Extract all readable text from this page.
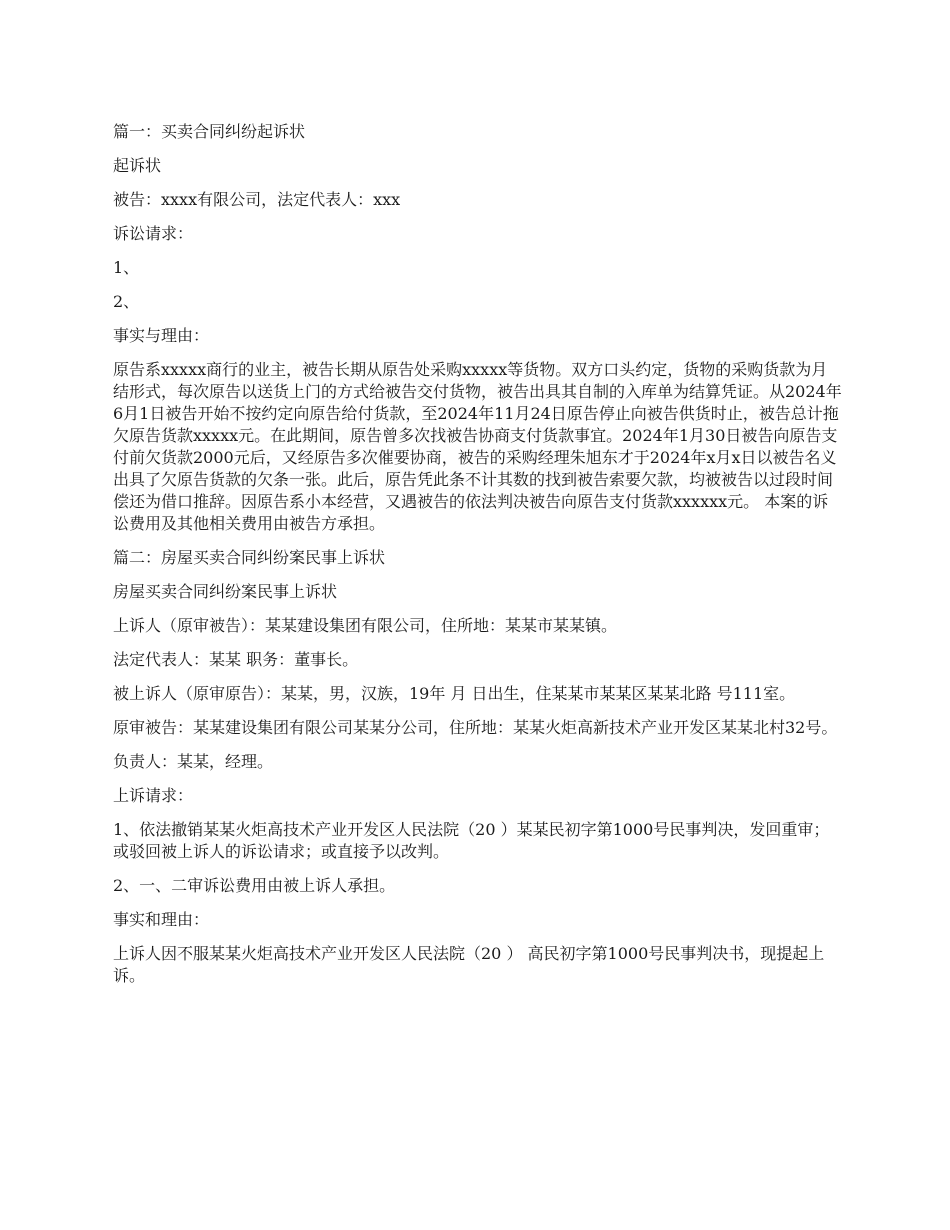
篇一：买卖合同纠纷起诉状

起诉状

被告：xxxx有限公司，法定代表人：xxx

诉讼请求：

1、

2、

事实与理由：

原告系xxxxx商行的业主，被告长期从原告处采购xxxxx等货物。双方口头约定，货物的采购货款为月结形式，每次原告以送货上门的方式给被告交付货物，被告出具其自制的入库单为结算凭证。从2024年6月1日被告开始不按约定向原告给付货款，至2024年11月24日原告停止向被告供货时止，被告总计拖欠原告货款xxxxx元。在此期间，原告曾多次找被告协商支付货款事宜。2024年1月30日被告向原告支付前欠货款2000元后，又经原告多次催要协商，被告的采购经理朱旭东才于2024年x月x日以被告名义出具了欠原告货款的欠条一张。此后，原告凭此条不计其数的找到被告索要欠款，均被被告以过段时间偿还为借口推辞。因原告系小本经营，又遇被告的依法判决被告向原告支付货款xxxxxx元。 本案的诉讼费用及其他相关费用由被告方承担。

篇二：房屋买卖合同纠纷案民事上诉状

房屋买卖合同纠纷案民事上诉状

上诉人（原审被告）：某某建设集团有限公司，住所地：某某市某某镇。

法定代表人：某某 职务：董事长。

被上诉人（原审原告）：某某，男，汉族，19年 月 日出生，住某某市某某区某某北路 号111室。

原审被告：某某建设集团有限公司某某分公司，住所地：某某火炬高新技术产业开发区某某北村32号。

负责人：某某，经理。

上诉请求：

1、依法撤销某某火炬高技术产业开发区人民法院（20 ）某某民初字第1000号民事判决，发回重审；或驳回被上诉人的诉讼请求；或直接予以改判。

2、一、二审诉讼费用由被上诉人承担。

事实和理由：

上诉人因不服某某火炬高技术产业开发区人民法院（20 ） 高民初字第1000号民事判决书，现提起上诉。
